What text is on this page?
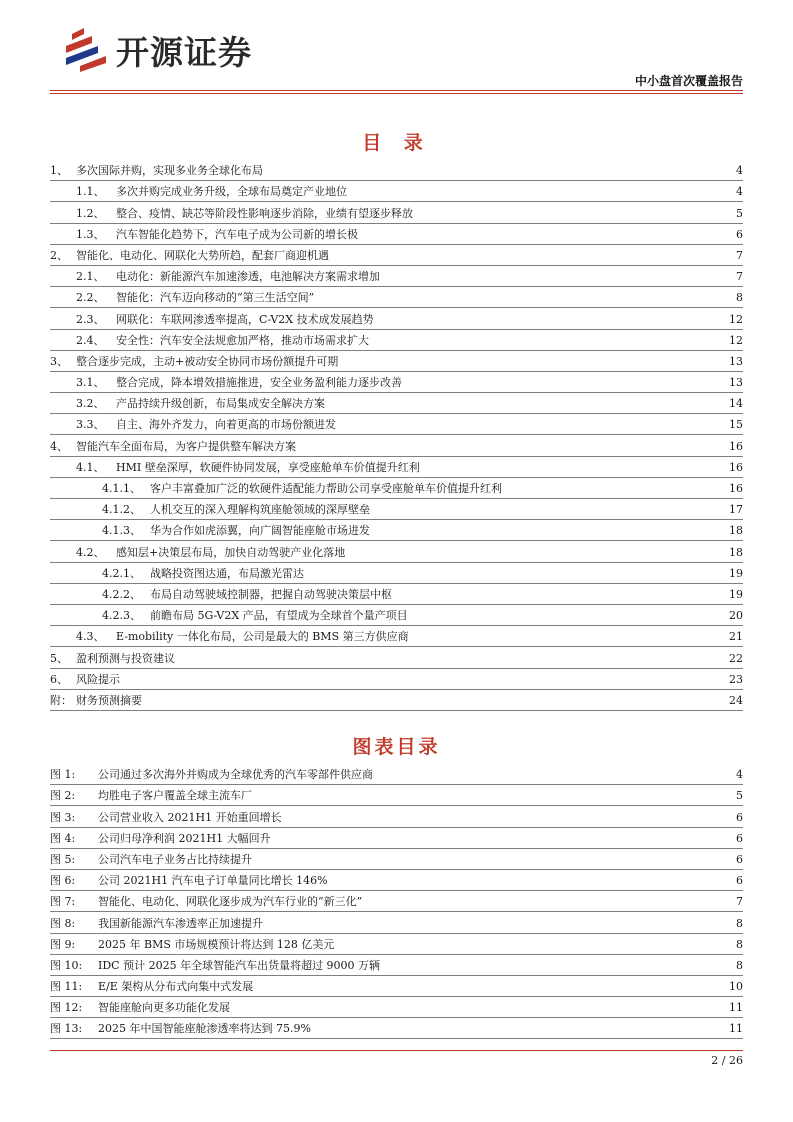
开源证券
中小盘首次覆盖报告
目 录
1、 多次国际并购，实现多业务全球化布局	4
1.1、	多次并购完成业务升级，全球布局奠定产业地位	4
1.2、	整合、疫情、缺芯等阶段性影响逐步消除，业绩有望逐步释放	5
1.3、	汽车智能化趋势下，汽车电子成为公司新的增长极	6
2、 智能化、电动化、网联化大势所趋，配套厂商迎机遇	7
2.1、	电动化：新能源汽车加速渗透，电池解决方案需求增加	7
2.2、	智能化：汽车迈向移动的“第三生活空间”	8
2.3、	网联化：车联网渗透率提高，C-V2X 技术成发展趋势	12
2.4、	安全性：汽车安全法规愈加严格，推动市场需求扩大	12
3、 整合逐步完成，主动+被动安全协同市场份额提升可期	13
3.1、	整合完成，降本增效措施推进，安全业务盈利能力逐步改善	13
3.2、	产品持续升级创新，布局集成安全解决方案	14
3.3、	自主、海外齐发力，向着更高的市场份额进发	15
4、 智能汽车全面布局，为客户提供整车解决方案	16
4.1、	HMI 壁垒深厚，软硬件协同发展，享受座舱单车价值提升红利	16
4.1.1、 客户丰富叠加广泛的软硬件适配能力帮助公司享受座舱单车价值提升红利	16
4.1.2、 人机交互的深入理解构筑座舱领域的深厚壁垒	17
4.1.3、 华为合作如虎添翼，向广阔智能座舱市场进发	18
4.2、	感知层+决策层布局，加快自动驾驶产业化落地	18
4.2.1、 战略投资图达通，布局激光雷达	19
4.2.2、 布局自动驾驶域控制器，把握自动驾驶决策层中枢	19
4.2.3、 前瞻布局 5G-V2X 产品，有望成为全球首个量产项目	20
4.3、	E-mobility 一体化布局，公司是最大的 BMS 第三方供应商	21
5、 盈利预测与投资建议	22
6、 风险提示	23
附： 财务预测摘要	24
图表目录
图 1:	公司通过多次海外并购成为全球优秀的汽车零部件供应商	4
图 2:	均胜电子客户覆盖全球主流车厂	5
图 3:	公司营业收入 2021H1 开始重回增长	6
图 4:	公司归母净利润 2021H1 大幅回升	6
图 5:	公司汽车电子业务占比持续提升	6
图 6:	公司 2021H1 汽车电子订单量同比增长 146%	6
图 7:	智能化、电动化、网联化逐步成为汽车行业的“新三化”	7
图 8:	我国新能源汽车渗透率正加速提升	8
图 9:	2025 年 BMS 市场规模预计将达到 128 亿美元	8
图 10:	IDC 预计 2025 年全球智能汽车出货量将超过 9000 万辆	8
图 11:	E/E 架构从分布式向集中式发展	10
图 12:	智能座舱向更多功能化发展	11
图 13:	2025 年中国智能座舱渗透率将达到 75.9%	11
2 / 26
